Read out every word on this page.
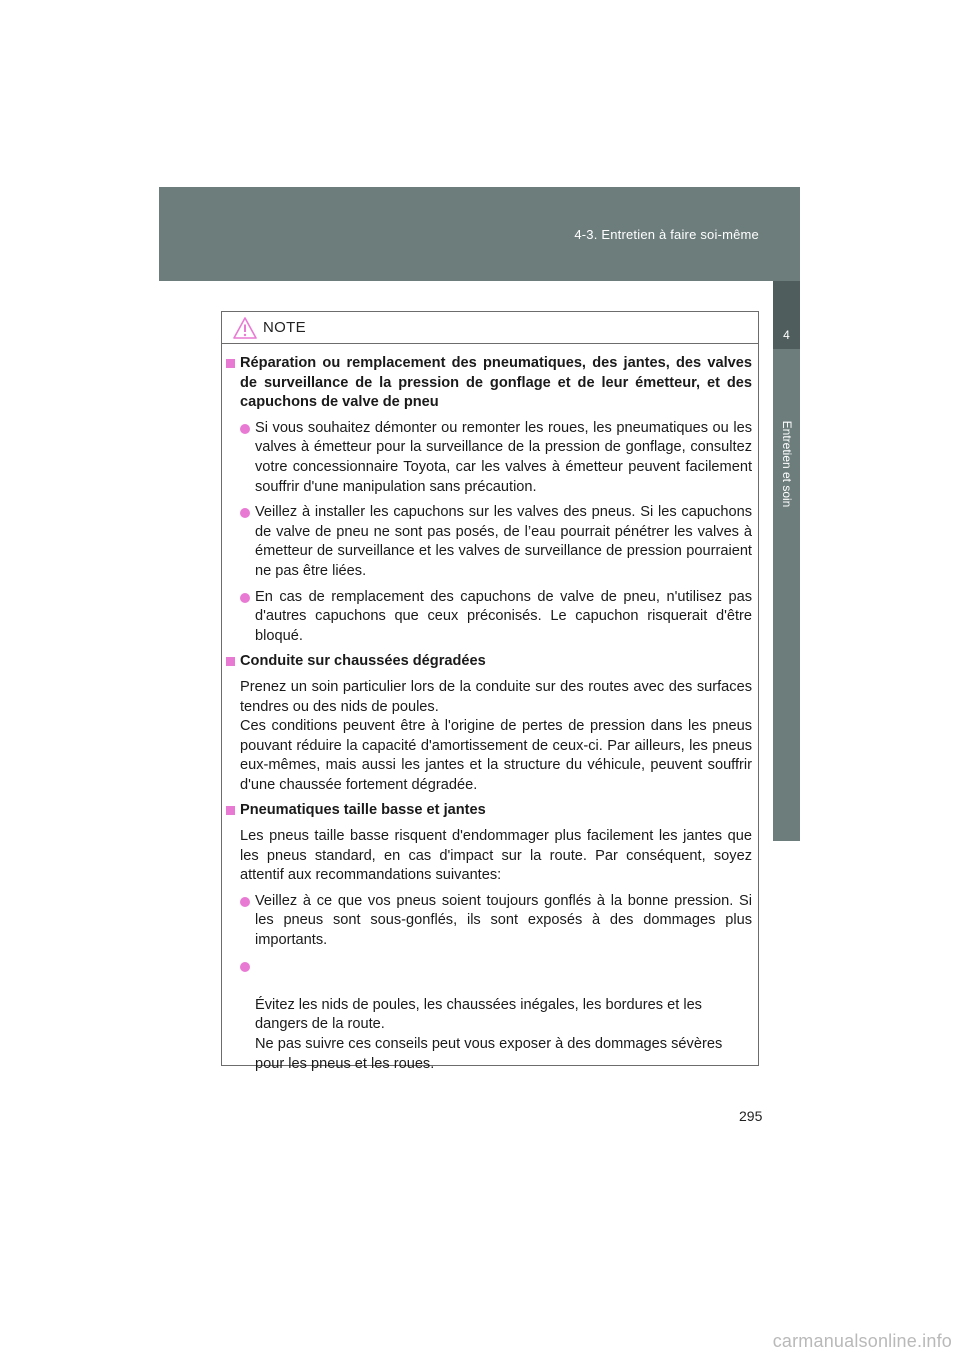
4-3. Entretien à faire soi-même
4
Entretien et soin
NOTE
Réparation ou remplacement des pneumatiques, des jantes, des valves de surveillance de la pression de gonflage et de leur émetteur, et des capuchons de valve de pneu
Si vous souhaitez démonter ou remonter les roues, les pneumatiques ou les valves à émetteur pour la surveillance de la pression de gonflage, consultez votre concessionnaire Toyota, car les valves à émetteur peuvent facilement souffrir d'une manipulation sans précaution.
Veillez à installer les capuchons sur les valves des pneus. Si les capuchons de valve de pneu ne sont pas posés, de l’eau pourrait pénétrer les valves à émetteur de surveillance et les valves de surveillance de pression pourraient ne pas être liées.
En cas de remplacement des capuchons de valve de pneu, n'utilisez pas d'autres capuchons que ceux préconisés. Le capuchon risquerait d'être bloqué.
Conduite sur chaussées dégradées
Prenez un soin particulier lors de la conduite sur des routes avec des surfaces tendres ou des nids de poules.
Ces conditions peuvent être à l'origine de pertes de pression dans les pneus pouvant réduire la capacité d'amortissement de ceux-ci. Par ailleurs, les pneus eux-mêmes, mais aussi les jantes et la structure du véhicule, peuvent souffrir d'une chaussée fortement dégradée.
Pneumatiques taille basse et jantes
Les pneus taille basse risquent d'endommager plus facilement les jantes que les pneus standard, en cas d'impact sur la route. Par conséquent, soyez attentif aux recommandations suivantes:
Veillez à ce que vos pneus soient toujours gonflés à la bonne pression. Si les pneus sont sous-gonflés, ils sont exposés à des dommages plus importants.

Évitez les nids de poules, les chaussées inégales, les bordures et les dangers de la route.
Ne pas suivre ces conseils peut vous exposer à des dommages sévères pour les pneus et les roues.

295
carmanualsonline.info
